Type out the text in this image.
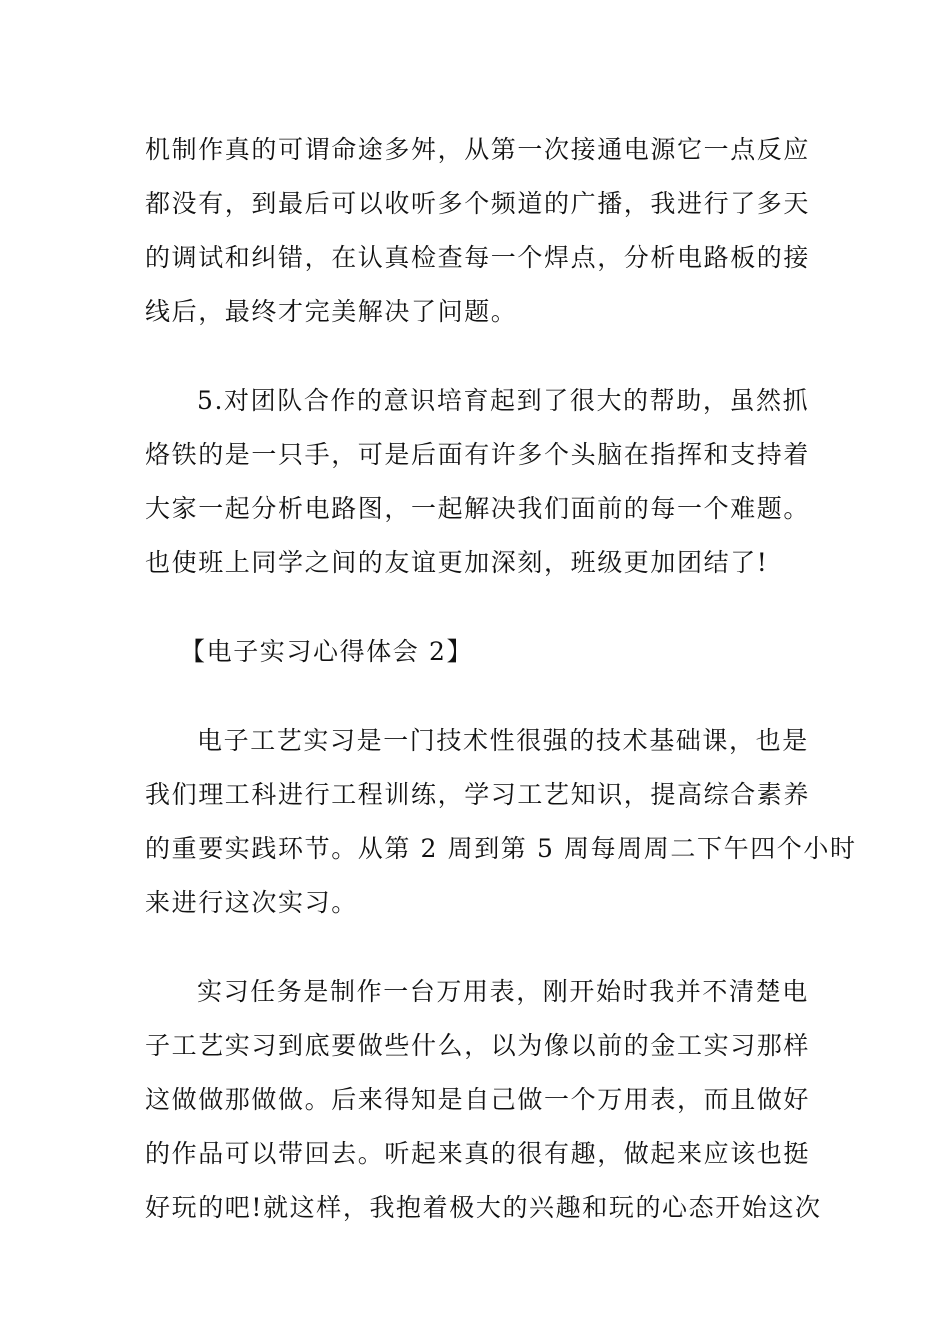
机制作真的可谓命途多舛，从第一次接通电源它一点反应
都没有，到最后可以收听多个频道的广播，我进行了多天
的调试和纠错，在认真检查每一个焊点，分析电路板的接
线后，最终才完美解决了问题。
5.对团队合作的意识培育起到了很大的帮助，虽然抓
烙铁的是一只手，可是后面有许多个头脑在指挥和支持着
大家一起分析电路图，一起解决我们面前的每一个难题。
也使班上同学之间的友谊更加深刻，班级更加团结了!
【电子实习心得体会 2】
电子工艺实习是一门技术性很强的技术基础课，也是
我们理工科进行工程训练，学习工艺知识，提高综合素养
的重要实践环节。从第 2 周到第 5 周每周周二下午四个小时
来进行这次实习。
实习任务是制作一台万用表，刚开始时我并不清楚电
子工艺实习到底要做些什么，以为像以前的金工实习那样
这做做那做做。后来得知是自己做一个万用表，而且做好
的作品可以带回去。听起来真的很有趣，做起来应该也挺
好玩的吧!就这样，我抱着极大的兴趣和玩的心态开始这次
